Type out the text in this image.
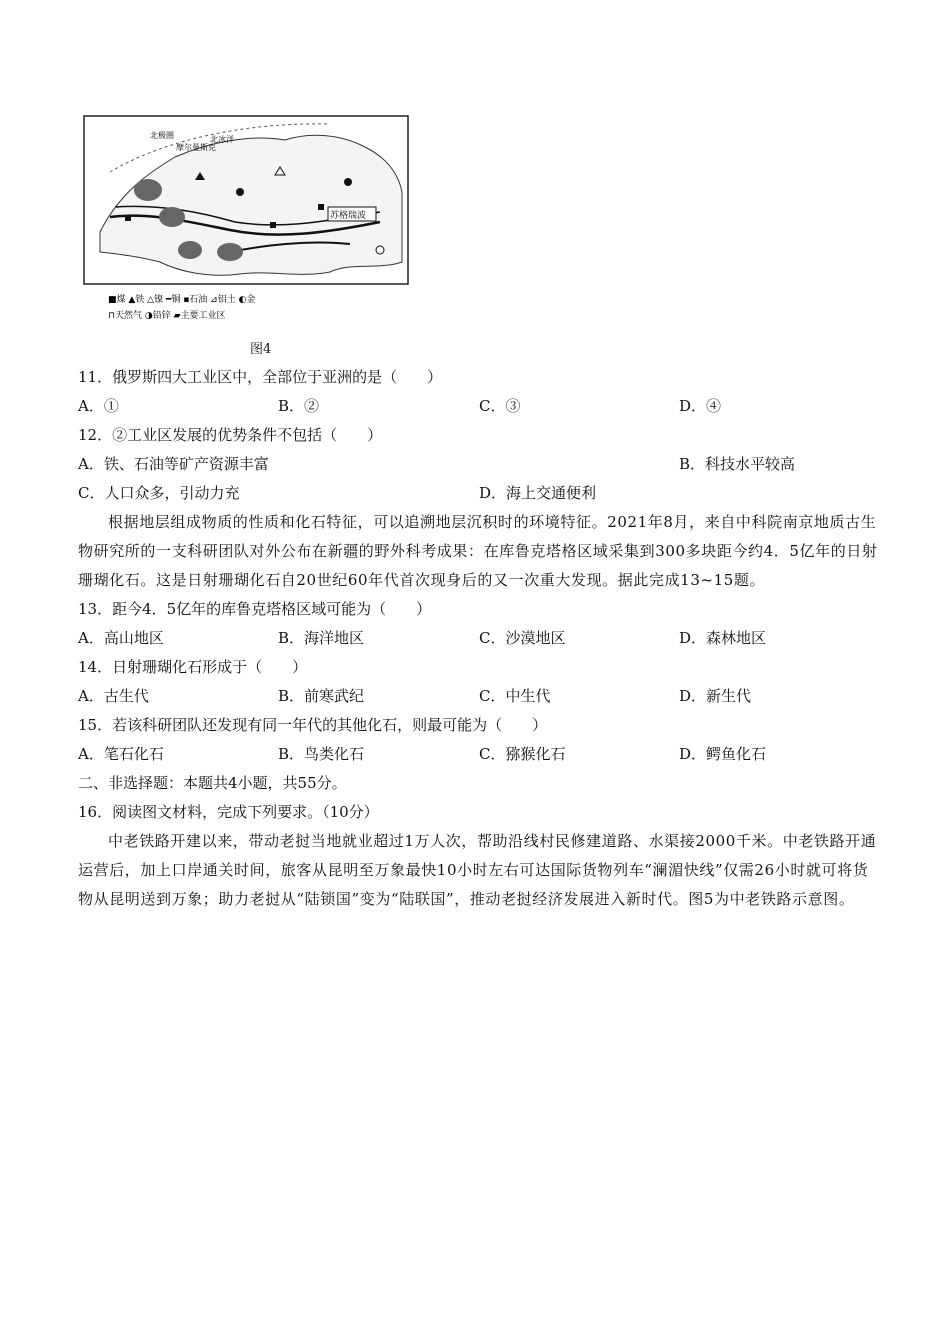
苏格瑞波
北极圈
摩尔曼斯克
北冰洋
■煤 ▲铁 △镍 ━铜 ▪石油 ⊿铝土 ◐金
⊓天然气 ◑铅锌 ▰主要工业区
图4
11．俄罗斯四大工业区中，全部位于亚洲的是（　　）
A．①	B．②	C．③	D．④
12．②工业区发展的优势条件不包括（　　）
A．铁、石油等矿产资源丰富	B．科技水平较高
C．人口众多，引动力充	D．海上交通便利

根据地层组成物质的性质和化石特征，可以追溯地层沉积时的环境特征。2021年8月，来自中科院南京地质古生物研究所的一支科研团队对外公布在新疆的野外科考成果：在库鲁克塔格区域采集到300多块距今约4．5亿年的日射珊瑚化石。这是日射珊瑚化石自20世纪60年代首次现身后的又一次重大发现。据此完成13~15题。

13．距今4．5亿年的库鲁克塔格区域可能为（　　）
A．高山地区	B．海洋地区	C．沙漠地区	D．森林地区
14．日射珊瑚化石形成于（　　）
A．古生代	B．前寒武纪	C．中生代	D．新生代
15．若该科研团队还发现有同一年代的其他化石，则最可能为（　　）
A．笔石化石	B．鸟类化石	C．猕猴化石	D．鳄鱼化石
二、非选择题：本题共4小题，共55分。
16．阅读图文材料，完成下列要求。（10分）

中老铁路开建以来，带动老挝当地就业超过1万人次，帮助沿线村民修建道路、水渠接2000千米。中老铁路开通运营后，加上口岸通关时间，旅客从昆明至万象最快10小时左右可达国际货物列车“澜湄快线”仅需26小时就可将货物从昆明送到万象；助力老挝从“陆锁国”变为“陆联国”，推动老挝经济发展进入新时代。图5为中老铁路示意图。
